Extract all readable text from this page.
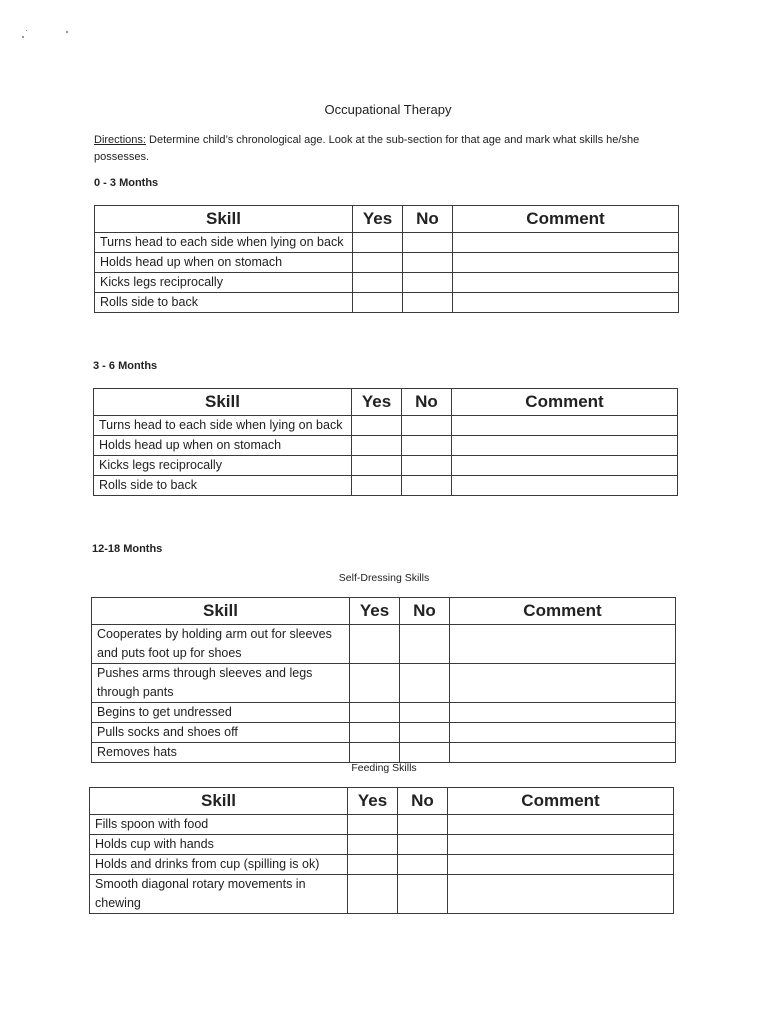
Occupational Therapy
Directions: Determine child’s chronological age. Look at the sub-section for that age and mark what skills he/she possesses.
0 - 3 Months
Skill	Yes	No	Comment
Turns head to each side when lying on back			
Holds head up when on stomach			
Kicks legs reciprocally			
Rolls side to back			
3 - 6 Months
Skill	Yes	No	Comment
Turns head to each side when lying on back			
Holds head up when on stomach			
Kicks legs reciprocally			
Rolls side to back			
12-18 Months
Self-Dressing Skills
Skill	Yes	No	Comment
Cooperates by holding arm out for sleeves and puts foot up for shoes			
Pushes arms through sleeves and legs through pants			
Begins to get undressed			
Pulls socks and shoes off			
Removes hats			
Feeding Skills
Skill	Yes	No	Comment
Fills spoon with food			
Holds cup with hands			
Holds and drinks from cup (spilling is ok)			
Smooth diagonal rotary movements in chewing			
